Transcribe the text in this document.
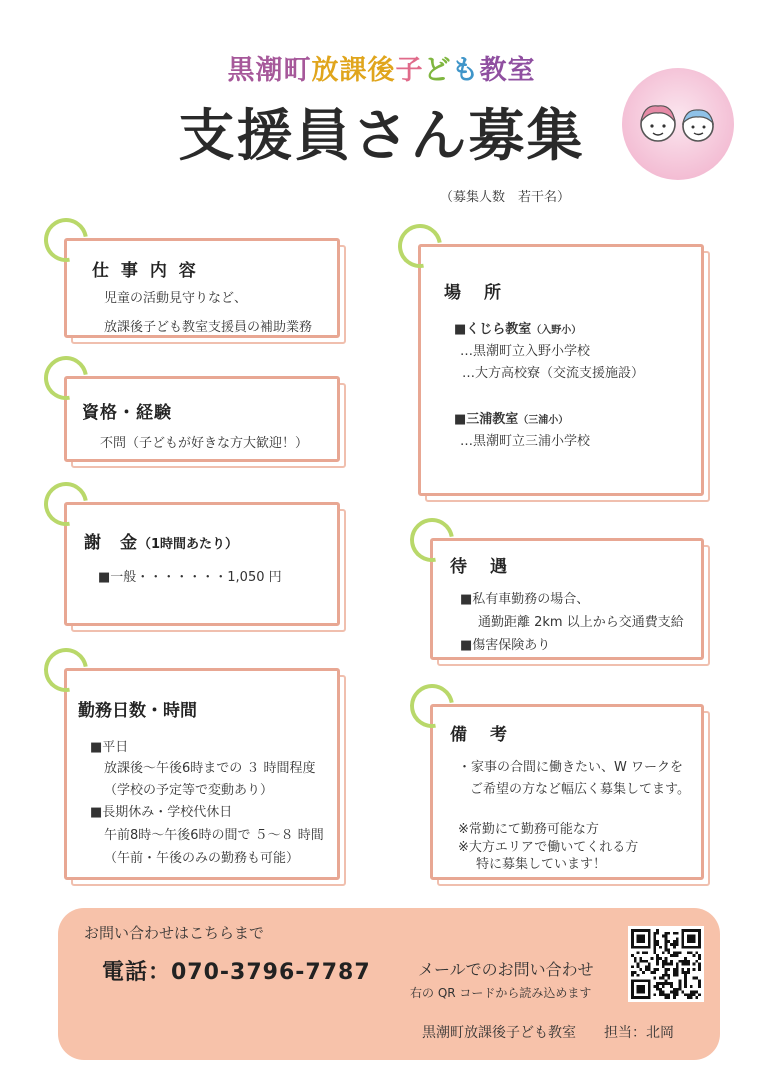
黒潮町放課後子ども教室
支援員さん募集
（募集人数　若干名）
仕 事 内 容
児童の活動見守りなど、
放課後子ども教室支援員の補助業務
資格・経験
不問（子どもが好きな方大歓迎！）
謝　金（1時間あたり）
■一般・・・・・・・1,050 円
勤務日数・時間
■平日
放課後～午後6時までの ３ 時間程度
（学校の予定等で変動あり）
■長期休み・学校代休日
午前8時～午後6時の間で ５～８ 時間
（午前・午後のみの勤務も可能）
場　所
■くじら教室（入野小）
…黒潮町立入野小学校
…大方高校寮（交流支援施設）
■三浦教室（三浦小）
…黒潮町立三浦小学校
待　遇
■私有車勤務の場合、
通勤距離 2km 以上から交通費支給
■傷害保険あり
備　考
・家事の合間に働きたい、W ワークを
ご希望の方など幅広く募集してます。
※常勤にて勤務可能な方
※大方エリアで働いてくれる方
特に募集しています！
お問い合わせはこちらまで
電話：070-3796-7787	メールでのお問い合わせ
右の QR コードから読み込めます
黒潮町放課後子ども教室　　担当：北岡
